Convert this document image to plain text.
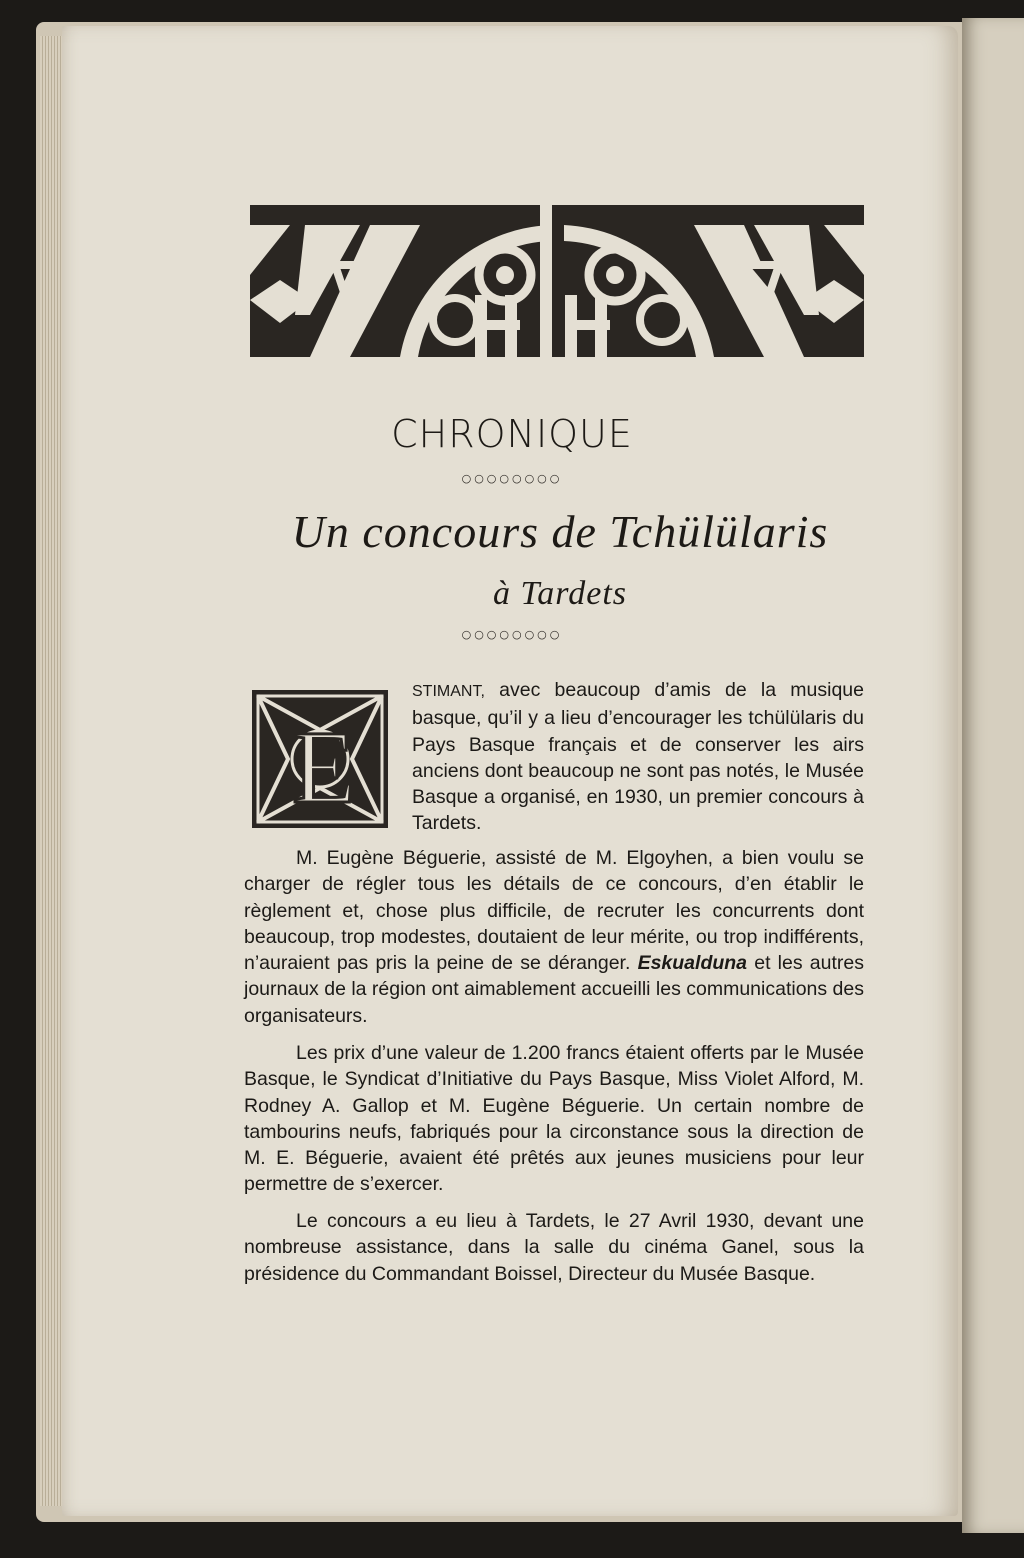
CHRONIQUE
○○○○○○○○
Un concours de Tchülülaris
à Tardets
○○○○○○○○
E
STIMANT, avec beaucoup d’amis de la musique basque, qu’il y a lieu d’encourager les tchülülaris du Pays Basque français et de conserver les airs anciens dont beaucoup ne sont pas notés, le Musée Basque a organisé, en 1930, un premier concours à Tardets.
M. Eugène Béguerie, assisté de M. Elgoyhen, a bien voulu se charger de régler tous les détails de ce concours, d’en établir le règlement et, chose plus difficile, de recruter les concurrents dont beaucoup, trop modestes, doutaient de leur mérite, ou trop indifférents, n’auraient pas pris la peine de se déranger. Eskualduna et les autres journaux de la région ont aimablement accueilli les communications des organisateurs.
Les prix d’une valeur de 1.200 francs étaient offerts par le Musée Basque, le Syndicat d’Initiative du Pays Basque, Miss Violet Alford, M. Rodney A. Gallop et M. Eugène Béguerie. Un certain nombre de tambourins neufs, fabriqués pour la circonstance sous la direction de M. E. Béguerie, avaient été prêtés aux jeunes musiciens pour leur permettre de s’exercer.
Le concours a eu lieu à Tardets, le 27 Avril 1930, devant une nombreuse assistance, dans la salle du cinéma Ganel, sous la présidence du Commandant Boissel, Directeur du Musée Basque.
